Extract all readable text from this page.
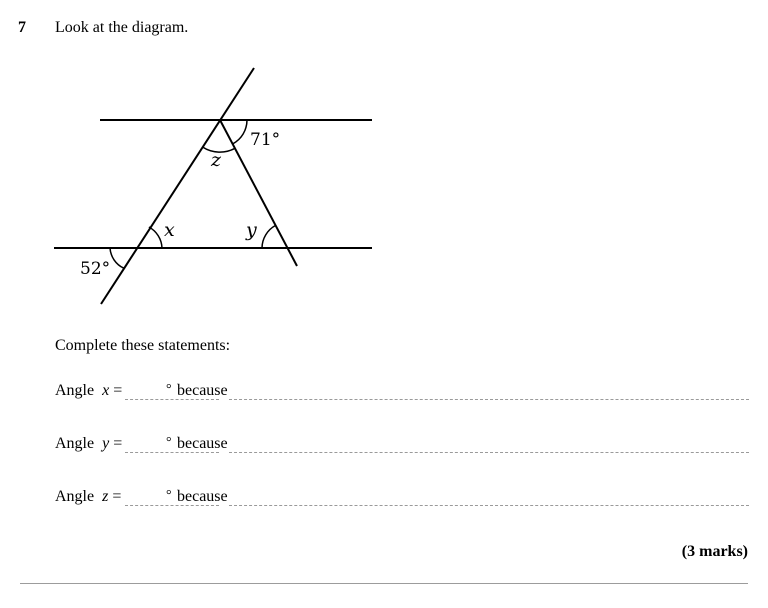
7 Look at the diagram.
71°
52°
z
x	y
Complete these statements:
Angle x =	° because
Angle y =	° because
Angle z =	° because
(3 marks)
